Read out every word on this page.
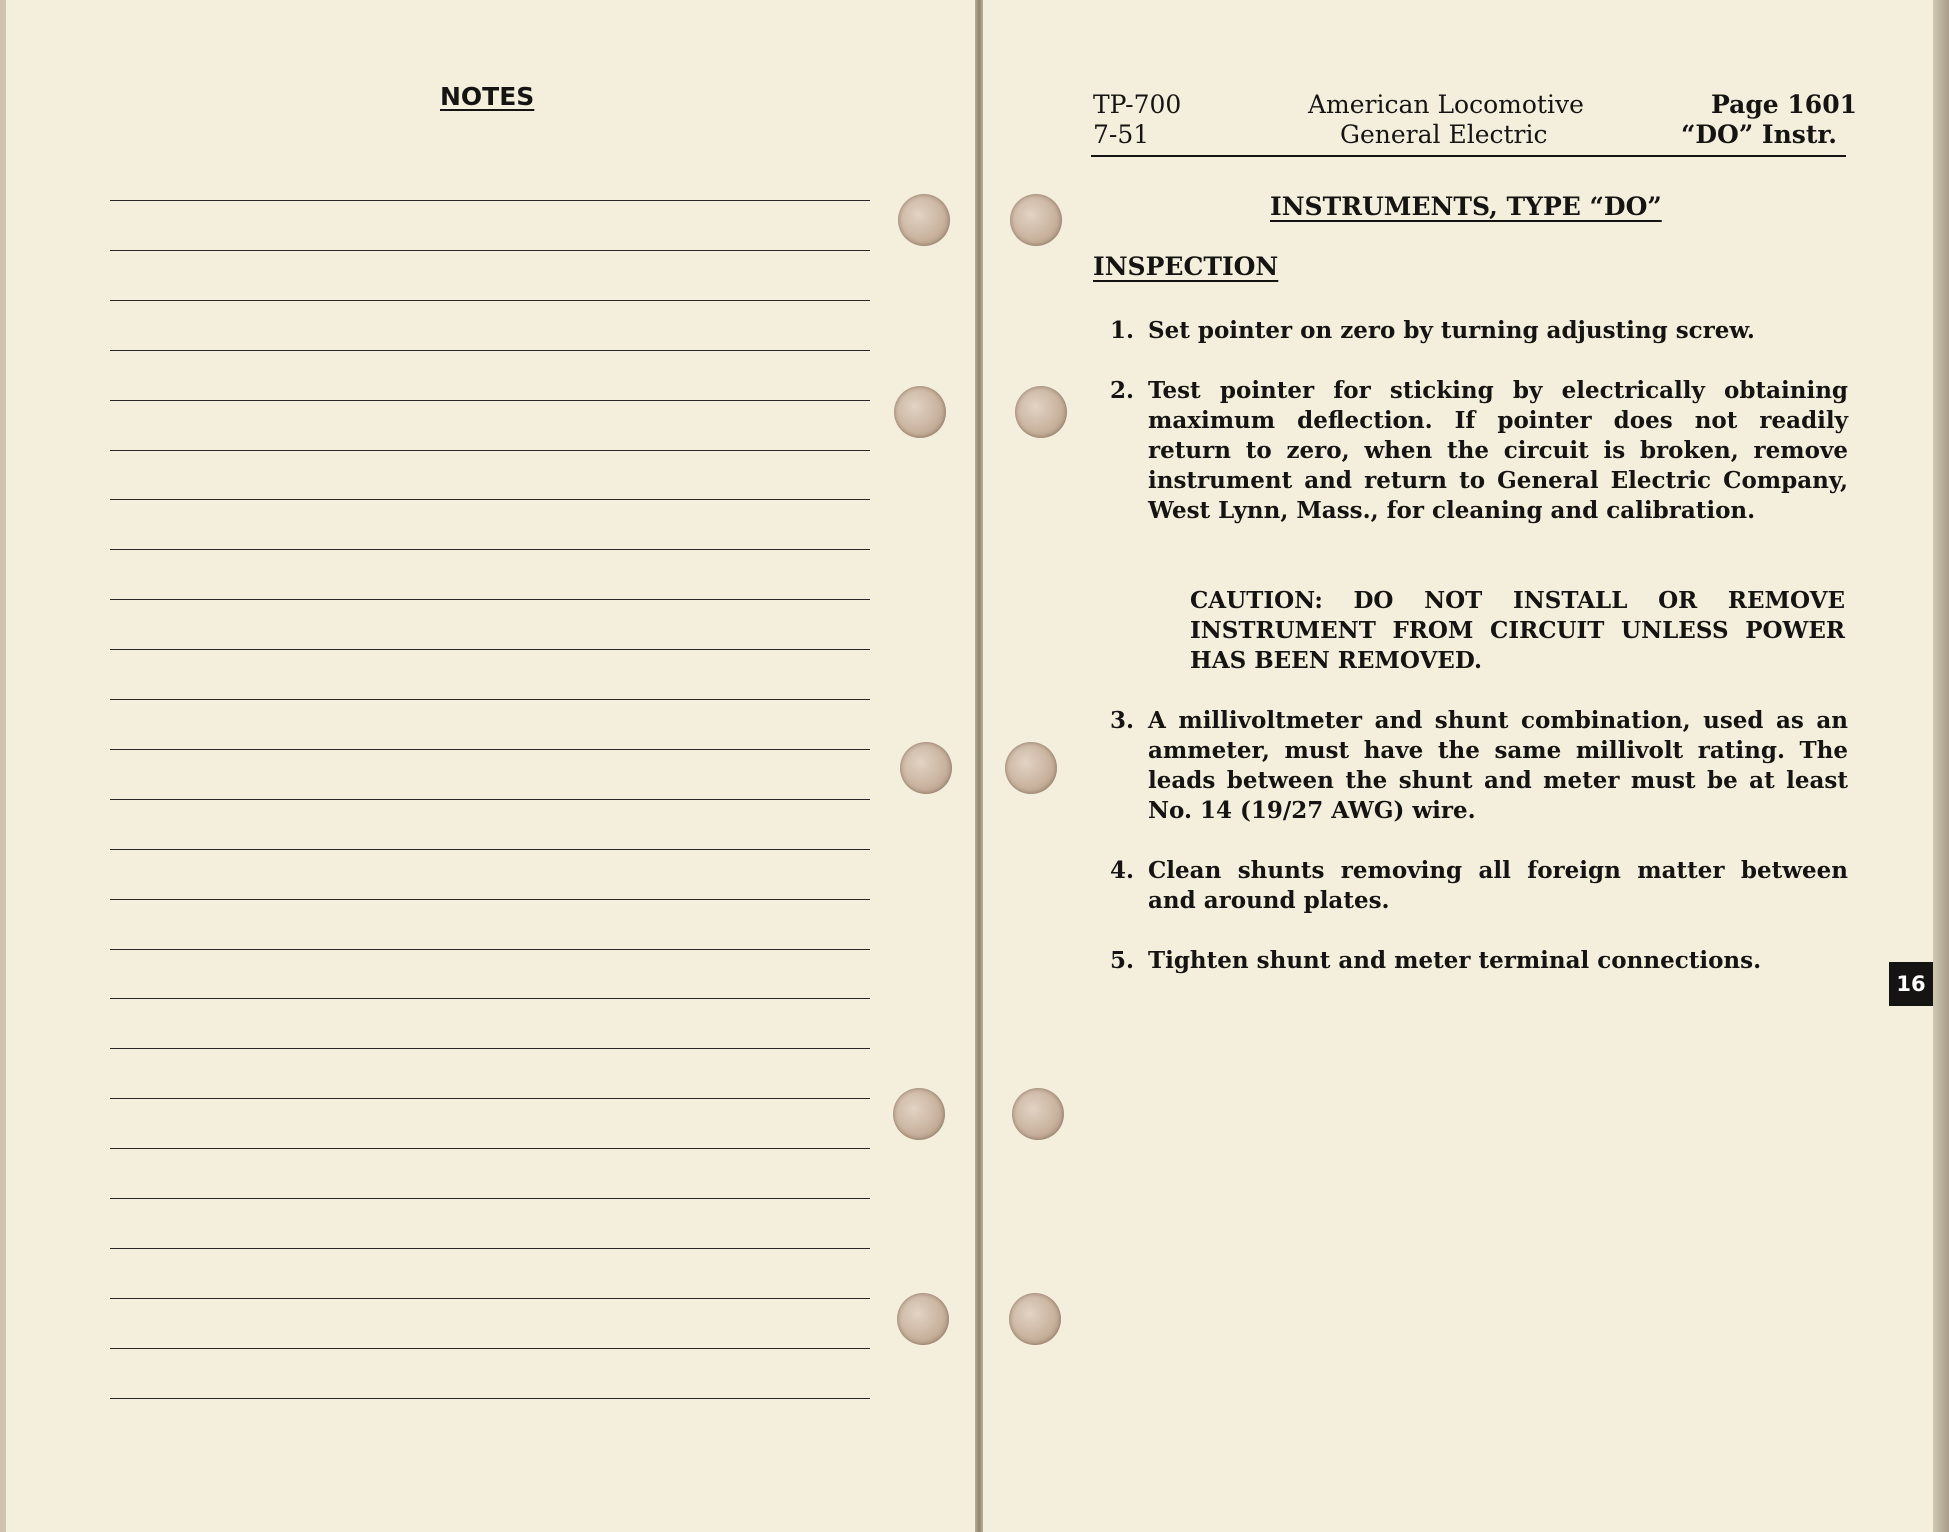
NOTES	TP-700
7-51
American Locomotive
General Electric
Page 1601
“DO” Instr.
INSTRUMENTS, TYPE “DO”
INSPECTION
1. Set pointer on zero by turning adjusting screw.
2. Test pointer for sticking by electrically obtaining maximum deflection. If pointer does not readily return to zero, when the circuit is broken, remove instrument and return to General Electric Company, West Lynn, Mass., for cleaning and calibration.
CAUTION: DO NOT INSTALL OR REMOVE INSTRUMENT FROM CIRCUIT UNLESS POWER HAS BEEN REMOVED.
3. A millivoltmeter and shunt combination, used as an ammeter, must have the same millivolt rating. The leads between the shunt and meter must be at least No. 14 (19/27 AWG) wire.
4. Clean shunts removing all foreign matter between and around plates.
5. Tighten shunt and meter terminal connections.
16
